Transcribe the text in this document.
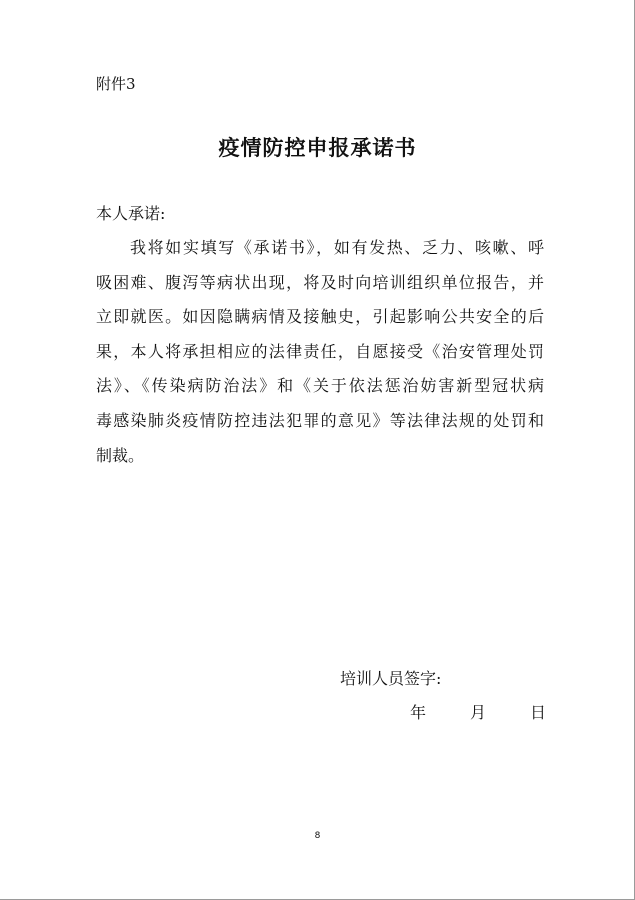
附件3
疫情防控申报承诺书
本人承诺:
我将如实填写《承诺书》，如有发热、乏力、咳嗽、呼
吸困难、腹泻等病状出现，将及时向培训组织单位报告，并
立即就医。如因隐瞒病情及接触史，引起影响公共安全的后
果，本人将承担相应的法律责任，自愿接受《治安管理处罚
法》、《传染病防治法》和《关于依法惩治妨害新型冠状病
毒感染肺炎疫情防控违法犯罪的意见》等法律法规的处罚和
制裁。
培训人员签字:
年	月	日
8
